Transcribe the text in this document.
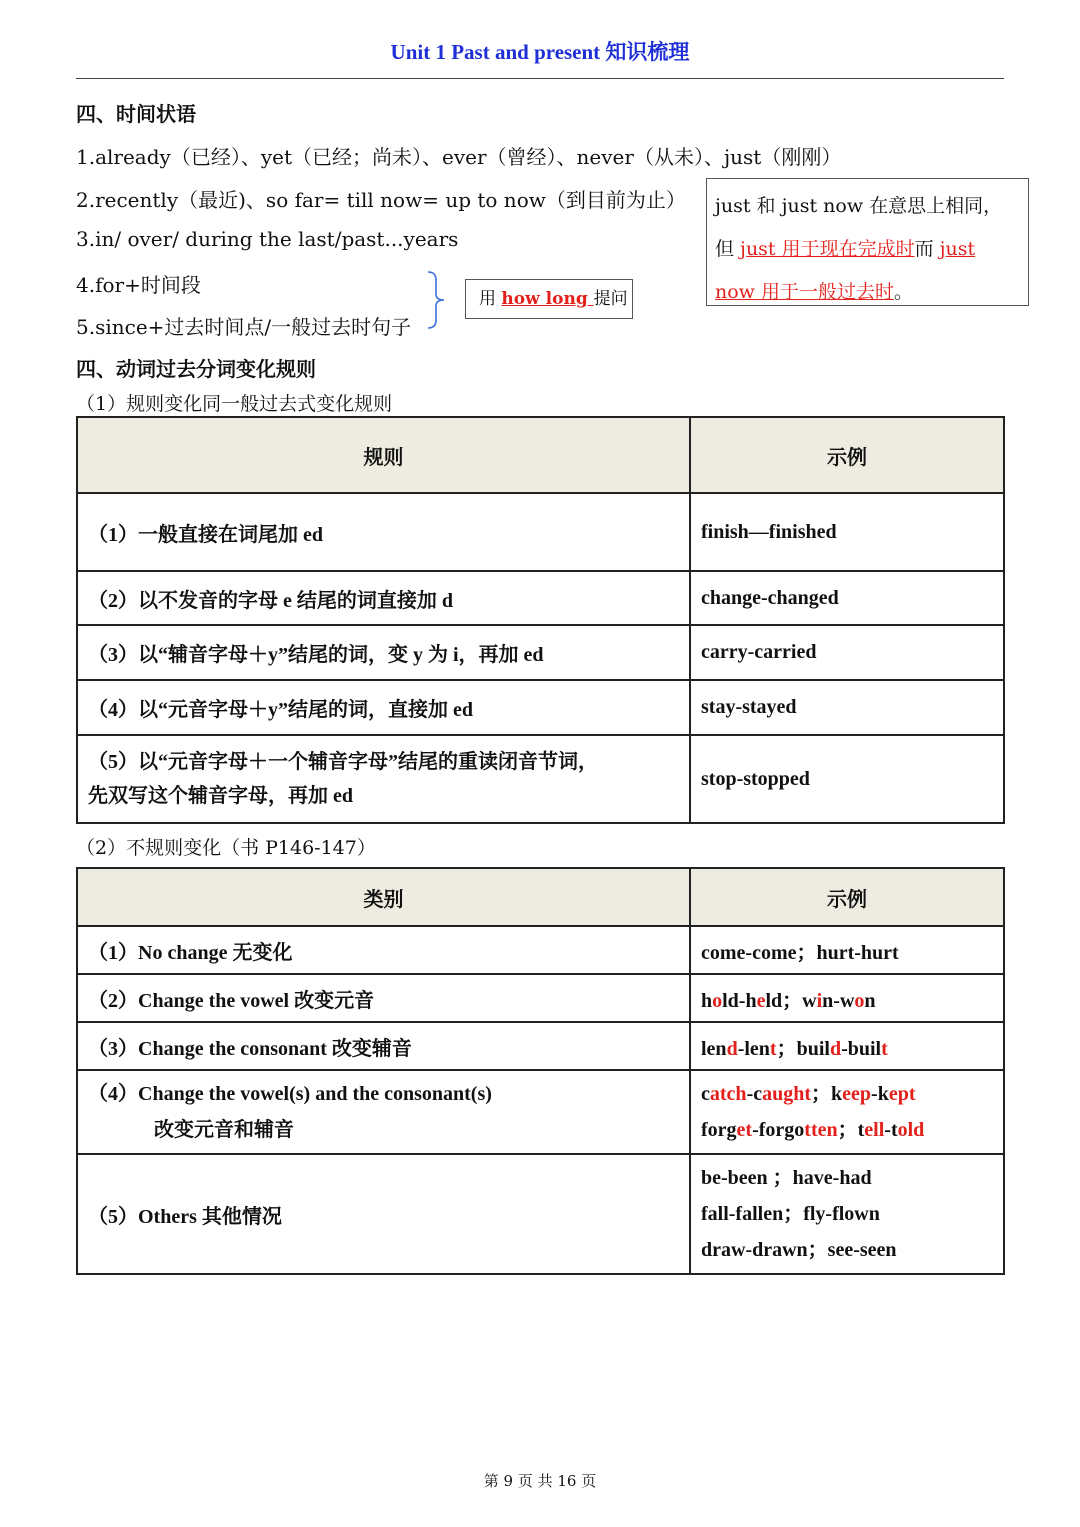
Unit 1 Past and present 知识梳理
四、时间状语
1.already（已经）、yet（已经；尚未）、ever（曾经）、never（从未）、just（刚刚）
2.recently（最近)、so far= till now= up to now（到目前为止）
3.in/ over/ during the last/past...years
4.for+时间段
5.since+过去时间点/一般过去时句子
用 how long 提问
just 和 just now 在意思上相同，
但 just 用于现在完成时而 just now 用于一般过去时。
四、动词过去分词变化规则
（1）规则变化同一般过去式变化规则
规则	示例
（1）一般直接在词尾加 ed	finish—finished
（2）以不发音的字母 e 结尾的词直接加 d	change-changed
（3）以“辅音字母＋y”结尾的词，变 y 为 i，再加 ed	carry-carried
（4）以“元音字母＋y”结尾的词，直接加 ed	stay-stayed

（5）以“元音字母＋一个辅音字母”结尾的重读闭音节词，
先双写这个辅音字母，再加 ed	stop-stopped
（2）不规则变化（书 P146-147）
类别	示例
（1）No change 无变化	come-come；hurt-hurt
（2）Change the vowel 改变元音	hold-held；win-won
（3）Change the consonant 改变辅音	lend-lent；build-built

（4）Change the vowel(s) and the consonant(s)
改变元音和辅音	catch-caught；keep-kept
forget-forgotten；tell-told

（5）Others 其他情况	be-been ；have-had
fall-fallen；fly-flown
draw-drawn；see-seen
第 9 页 共 16 页
